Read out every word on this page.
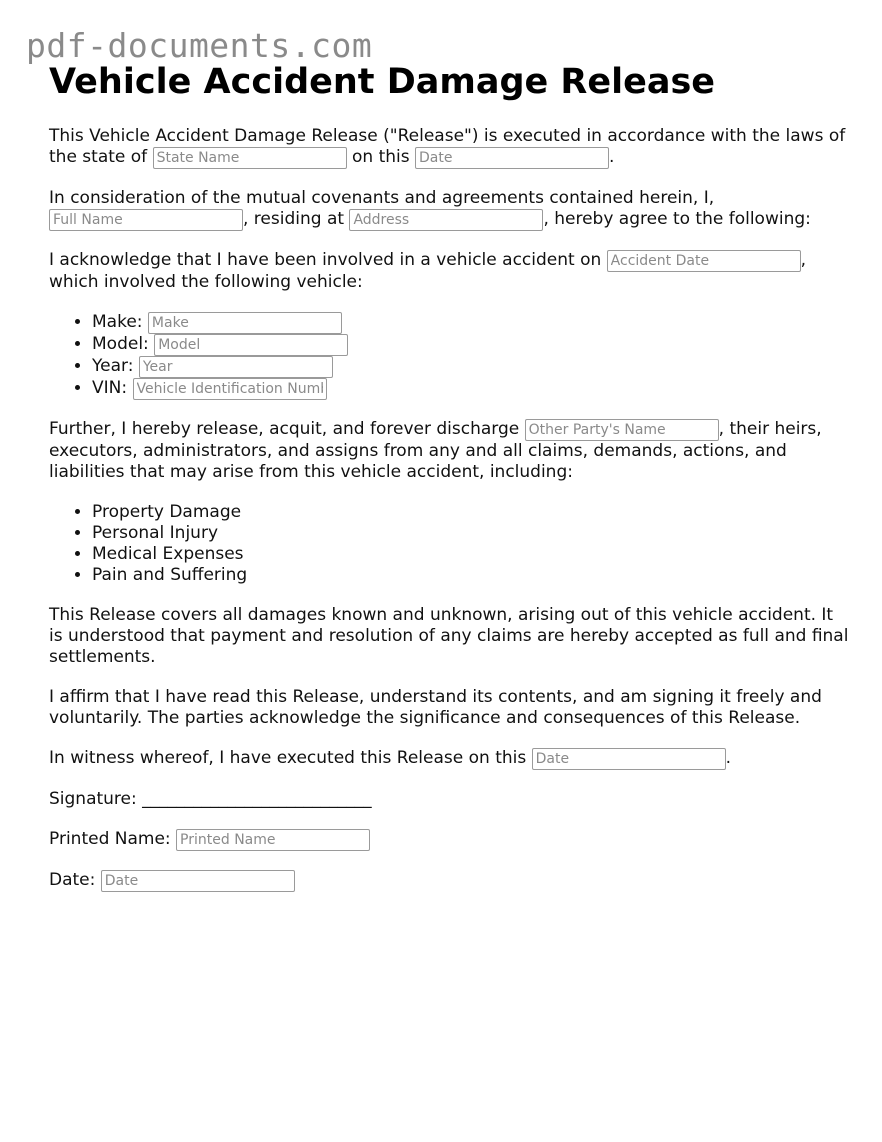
pdf-documents.com
Vehicle Accident Damage Release

This Vehicle Accident Damage Release ("Release") is executed in accordance with the laws of the state of State Name	on this Date	.

In consideration of the mutual covenants and agreements contained herein, I,
Full Name, residing at Address	, hereby agree to the following:

I acknowledge that I have been involved in a vehicle accident on Accident Date	, which involved the following vehicle:

• Make: Make
• Model: Model
• Year: Year
• VIN: Vehicle Identification Number

Further, I hereby release, acquit, and forever discharge Other Party's Name	, their heirs, executors, administrators, and assigns from any and all claims, demands, actions, and liabilities that may arise from this vehicle accident, including:

• Property Damage
• Personal Injury
• Medical Expenses
• Pain and Suffering

This Release covers all damages known and unknown, arising out of this vehicle accident. It is understood that payment and resolution of any claims are hereby accepted as full and final settlements.

I affirm that I have read this Release, understand its contents, and am signing it freely and voluntarily. The parties acknowledge the significance and consequences of this Release.

In witness whereof, I have executed this Release on this Date	.

Signature: ___________________________

Printed Name: Printed Name

Date: Date
